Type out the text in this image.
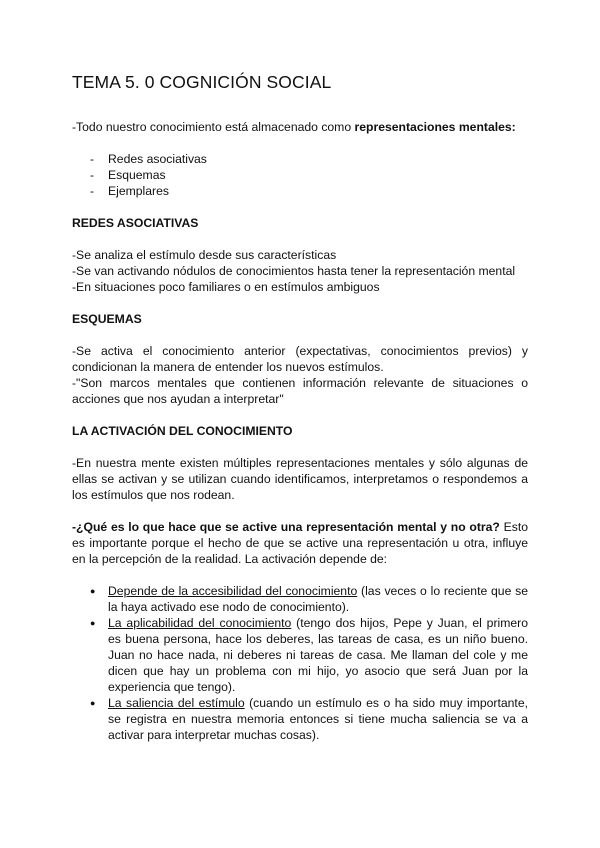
TEMA 5. 0 COGNICIÓN SOCIAL

-Todo nuestro conocimiento está almacenado como representaciones mentales:

- Redes asociativas
- Esquemas
- Ejemplares

REDES ASOCIATIVAS

-Se analiza el estímulo desde sus características

-Se van activando nódulos de conocimientos hasta tener la representación mental

-En situaciones poco familiares o en estímulos ambiguos

ESQUEMAS

-Se activa el conocimiento anterior (expectativas, conocimientos previos) y condicionan la manera de entender los nuevos estímulos.

-"Son marcos mentales que contienen información relevante de situaciones o acciones que nos ayudan a interpretar"

LA ACTIVACIÓN DEL CONOCIMIENTO

-En nuestra mente existen múltiples representaciones mentales y sólo algunas de ellas se activan y se utilizan cuando identificamos, interpretamos o respondemos a los estímulos que nos rodean.

-¿Qué es lo que hace que se active una representación mental y no otra? Esto es importante porque el hecho de que se active una representación u otra, influye en la percepción de la realidad. La activación depende de:

● Depende de la accesibilidad del conocimiento (las veces o lo reciente que se la haya activado ese nodo de conocimiento).
● La aplicabilidad del conocimiento (tengo dos hijos, Pepe y Juan, el primero es buena persona, hace los deberes, las tareas de casa, es un niño bueno. Juan no hace nada, ni deberes ni tareas de casa. Me llaman del cole y me dicen que hay un problema con mi hijo, yo asocio que será Juan por la experiencia que tengo).
● La saliencia del estímulo (cuando un estímulo es o ha sido muy importante, se registra en nuestra memoria entonces si tiene mucha saliencia se va a activar para interpretar muchas cosas).
